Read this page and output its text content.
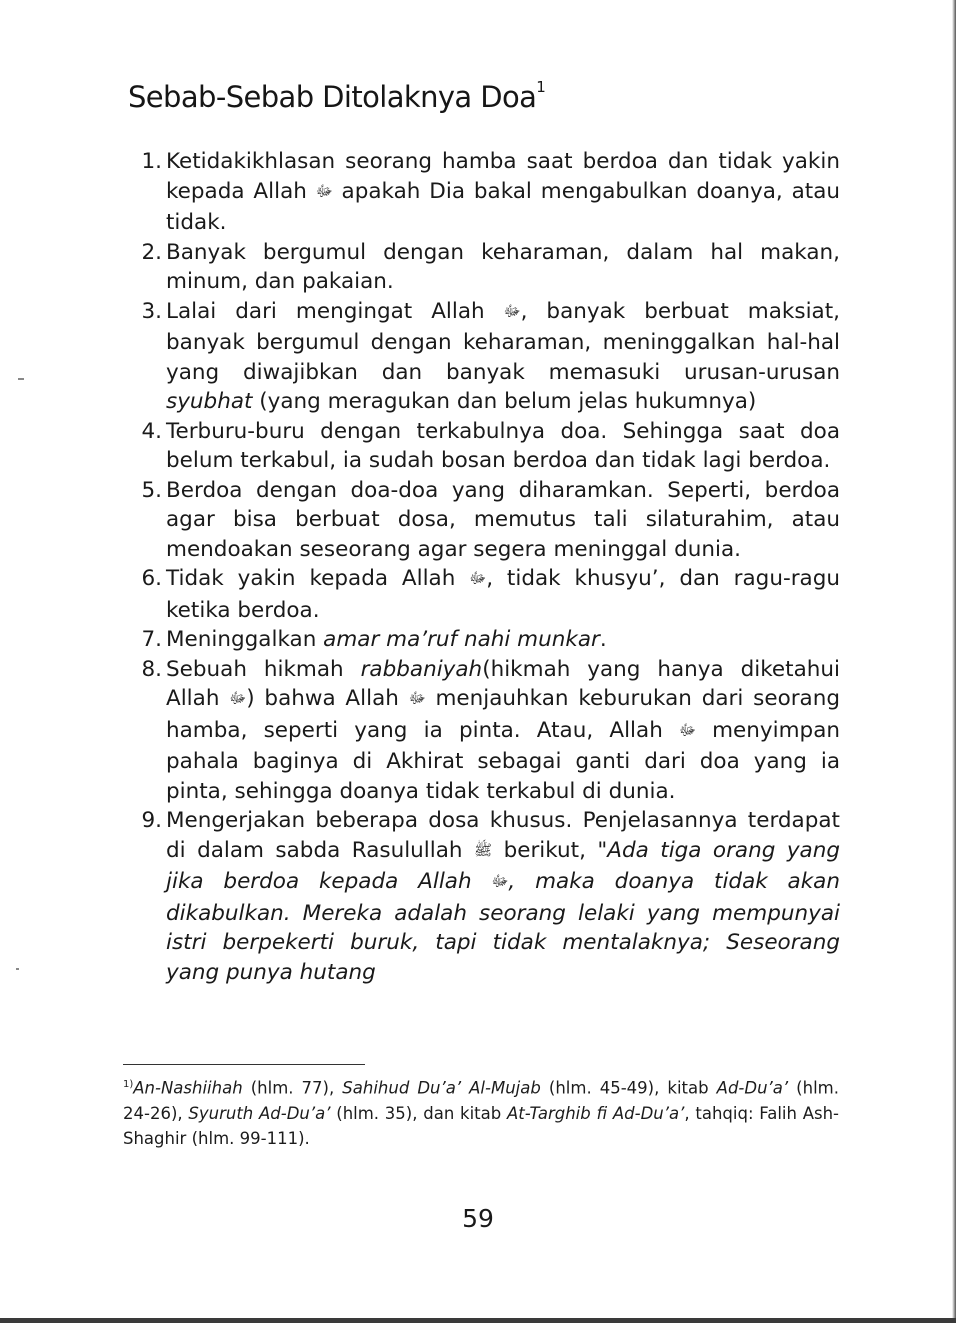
Sebab-Sebab Ditolaknya Doa$^1$
1 . Ketidakikhlasan seorang hamba saat berdoa dan tidak yakin kepada Allah ﷻ apakah Dia bakal mengabulkan doanya, atau tidak.
2 . Banyak bergumul dengan keharaman, dalam hal makan, minum, dan pakaian.
3 . Lalai dari mengingat Allah ﷻ, banyak berbuat maksiat, banyak bergumul dengan keharaman, meninggalkan hal-hal yang diwajibkan dan banyak memasuki urusan-urusan syubhat (yang meragukan dan belum jelas hukumnya)
4 . Terburu-buru dengan terkabulnya doa. Sehingga saat doa belum terkabul, ia sudah bosan berdoa dan tidak lagi berdoa.
5 . Berdoa dengan doa-doa yang diharamkan. Seperti, berdoa agar bisa berbuat dosa, memutus tali silaturahim, atau mendoakan seseorang agar segera meninggal dunia.
6 . Tidak yakin kepada Allah ﷻ, tidak khusyu’, dan ragu-ragu ketika berdoa.
7 . Meninggalkan amar ma’ruf nahi munkar.
8 . Sebuah hikmah rabbaniyah(hikmah yang hanya diketahui Allah ﷻ) bahwa Allah ﷻ menjauhkan keburukan dari seorang hamba, seperti yang ia pinta. Atau, Allah ﷻ menyimpan pahala baginya di Akhirat sebagai ganti dari doa yang ia pinta, sehingga doanya tidak terkabul di dunia.
9 . Mengerjakan beberapa dosa khusus. Penjelasannya terdapat di dalam sabda Rasulullah ﷺ berikut, "Ada tiga orang yang jika berdoa kepada Allah ﷻ, maka doanya tidak akan dikabulkan. Mereka adalah seorang lelaki yang mempunyai istri berpekerti buruk, tapi tidak mentalaknya; Seseorang yang punya hutang
$^{1)}$An-Nashiihah (hlm. 77), Sahihud Du’a’ Al-Mujab (hlm. 45-49), kitab Ad-Du’a’ (hlm. 24-26), Syuruth Ad-Du’a’ (hlm. 35), dan kitab At-Targhib fi Ad-Du’a’, tahqiq: Falih Ash-Shaghir (hlm. 99-111).
59
